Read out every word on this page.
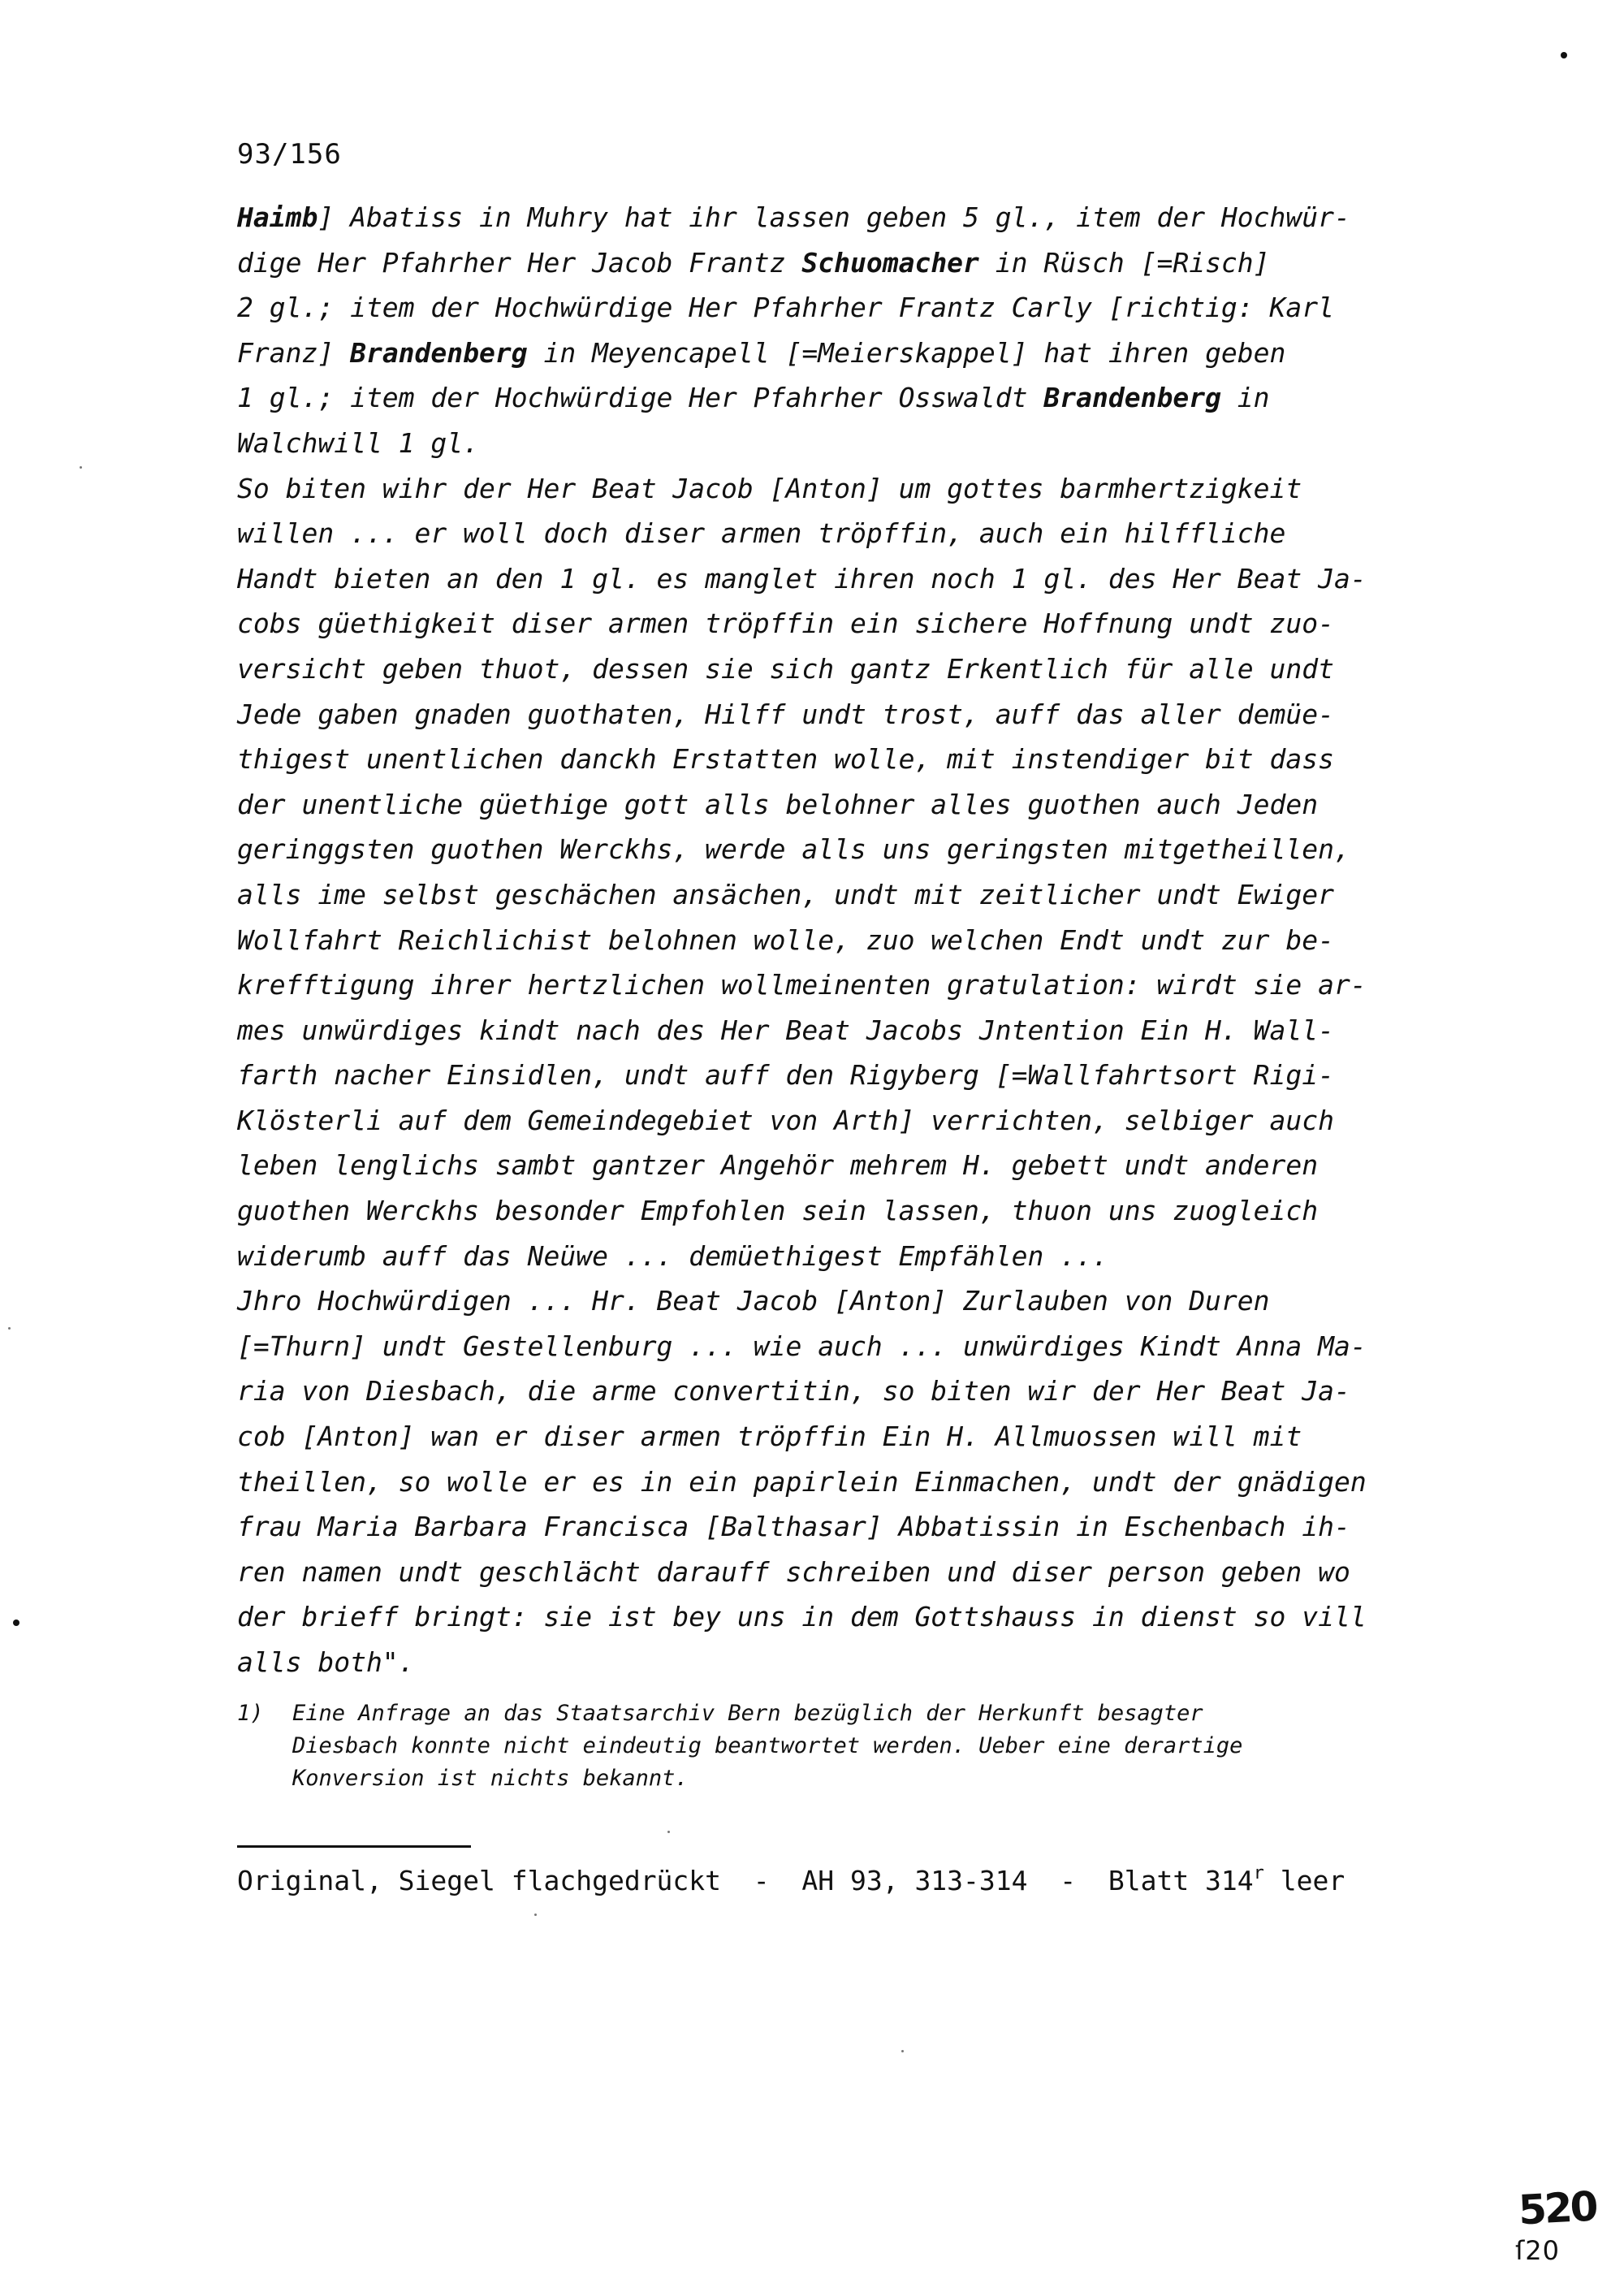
93/156
Haimb] Abatiss in Muhry hat ihr lassen geben 5 gl., item der Hochwür-
dige Her Pfahrher Her Jacob Frantz Schuomacher in Rüsch [=Risch]
2 gl.; item der Hochwürdige Her Pfahrher Frantz Carly [richtig: Karl
Franz] Brandenberg in Meyencapell [=Meierskappel] hat ihren geben
1 gl.; item der Hochwürdige Her Pfahrher Osswaldt Brandenberg in
Walchwill 1 gl.
So biten wihr der Her Beat Jacob [Anton] um gottes barmhertzigkeit
willen ... er woll doch diser armen tröpffin, auch ein hilffliche
Handt bieten an den 1 gl. es manglet ihren noch 1 gl. des Her Beat Ja-
cobs güethigkeit diser armen tröpffin ein sichere Hoffnung undt zuo-
versicht geben thuot, dessen sie sich gantz Erkentlich für alle undt
Jede gaben gnaden guothaten, Hilff undt trost, auff das aller demüe-
thigest unentlichen danckh Erstatten wolle, mit instendiger bit dass
der unentliche güethige gott alls belohner alles guothen auch Jeden
geringgsten guothen Werckhs, werde alls uns geringsten mitgetheillen,
alls ime selbst geschächen ansächen, undt mit zeitlicher undt Ewiger
Wollfahrt Reichlichist belohnen wolle, zuo welchen Endt undt zur be-
krefftigung ihrer hertzlichen wollmeinenten gratulation: wirdt sie ar-
mes unwürdiges kindt nach des Her Beat Jacobs Jntention Ein H. Wall-
farth nacher Einsidlen, undt auff den Rigyberg [=Wallfahrtsort Rigi-
Klösterli auf dem Gemeindegebiet von Arth] verrichten, selbiger auch
leben lenglichs sambt gantzer Angehör mehrem H. gebett undt anderen
guothen Werckhs besonder Empfohlen sein lassen, thuon uns zuogleich
widerumb auff das Neüwe ... demüethigest Empfählen ...
Jhro Hochwürdigen ... Hr. Beat Jacob [Anton] Zurlauben von Duren
[=Thurn] undt Gestellenburg ... wie auch ... unwürdiges Kindt Anna Ma-
ria von Diesbach, die arme convertitin, so biten wir der Her Beat Ja-
cob [Anton] wan er diser armen tröpffin Ein H. Allmuossen will mit
theillen, so wolle er es in ein papirlein Einmachen, undt der gnädigen
frau Maria Barbara Francisca [Balthasar] Abbatissin in Eschenbach ih-
ren namen undt geschlächt darauff schreiben und diser person geben wo
der brieff bringt: sie ist bey uns in dem Gottshauss in dienst so vill
alls both".
1) Eine Anfrage an das Staatsarchiv Bern bezüglich der Herkunft besagter
Diesbach konnte nicht eindeutig beantwortet werden. Ueber eine derartige
Konversion ist nichts bekannt.
Original, Siegel flachgedrückt  -  AH 93, 313-314  -  Blatt 314$^r$ leer
520
ſ20
